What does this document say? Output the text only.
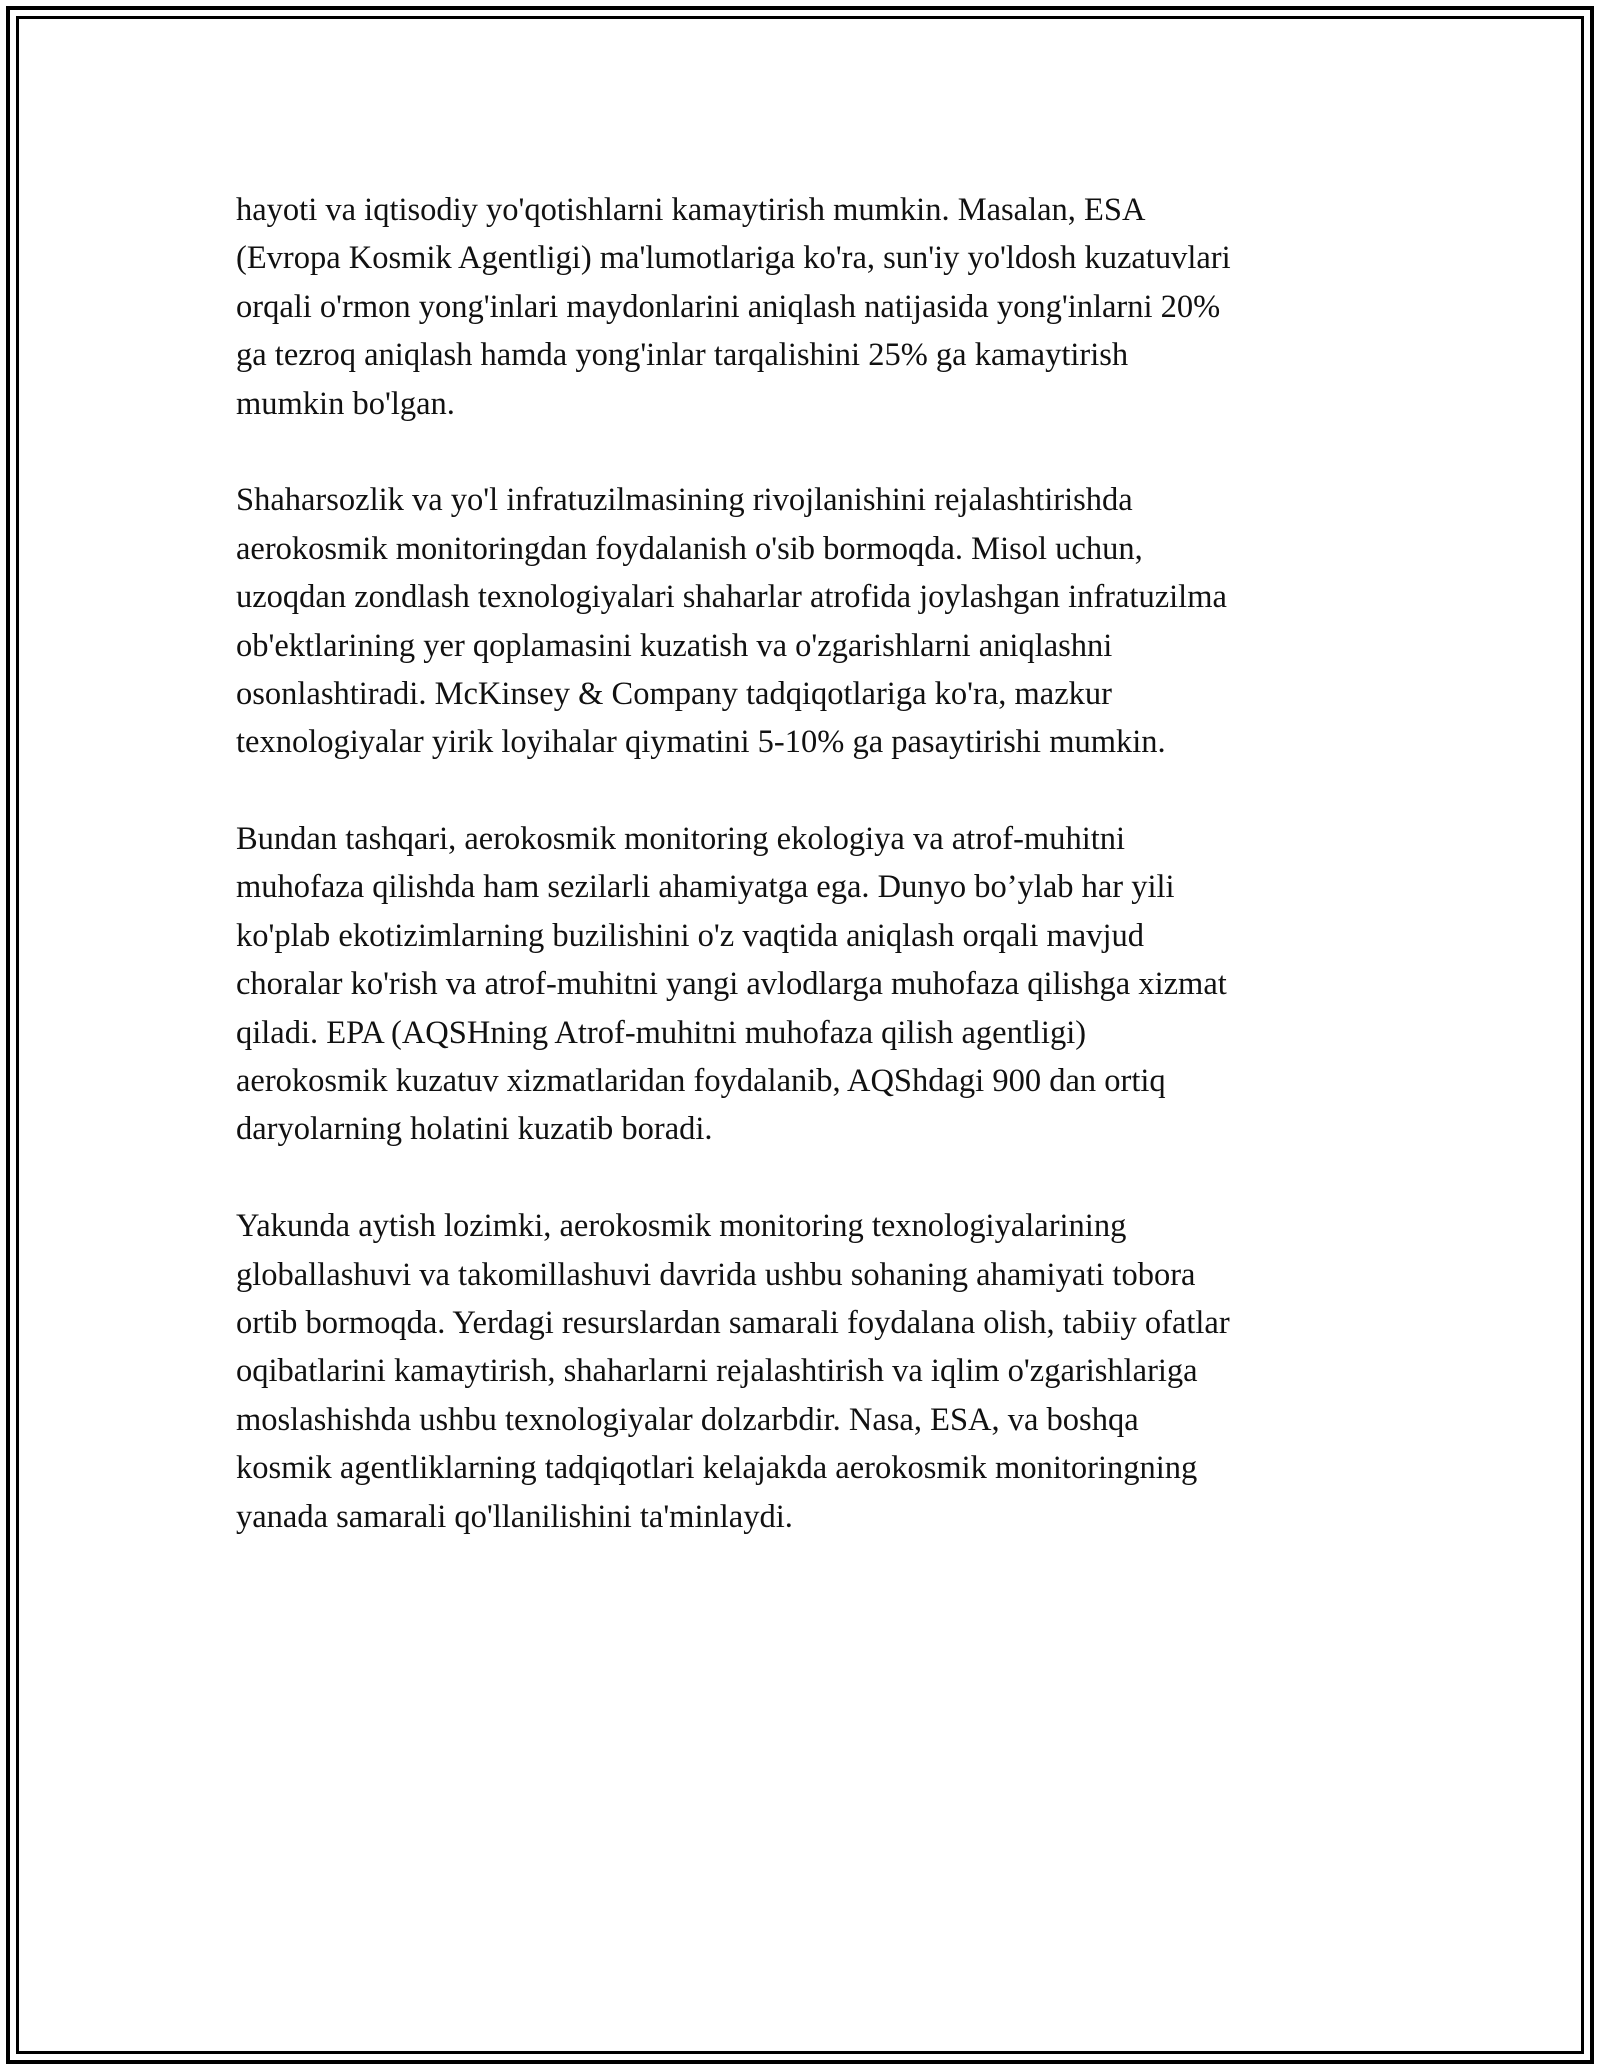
hayoti va iqtisodiy yo'qotishlarni kamaytirish mumkin. Masalan, ESA
(Evropa Kosmik Agentligi) ma'lumotlariga ko'ra, sun'iy yo'ldosh kuzatuvlari
orqali o'rmon yong'inlari maydonlarini aniqlash natijasida yong'inlarni 20%
ga tezroq aniqlash hamda yong'inlar tarqalishini 25% ga kamaytirish
mumkin bo'lgan.
Shaharsozlik va yo'l infratuzilmasining rivojlanishini rejalashtirishda
aerokosmik monitoringdan foydalanish o'sib bormoqda. Misol uchun,
uzoqdan zondlash texnologiyalari shaharlar atrofida joylashgan infratuzilma
ob'ektlarining yer qoplamasini kuzatish va o'zgarishlarni aniqlashni
osonlashtiradi. McKinsey & Company tadqiqotlariga ko'ra, mazkur
texnologiyalar yirik loyihalar qiymatini 5-10% ga pasaytirishi mumkin.
Bundan tashqari, aerokosmik monitoring ekologiya va atrof-muhitni
muhofaza qilishda ham sezilarli ahamiyatga ega. Dunyo bo’ylab har yili
ko'plab ekotizimlarning buzilishini o'z vaqtida aniqlash orqali mavjud
choralar ko'rish va atrof-muhitni yangi avlodlarga muhofaza qilishga xizmat
qiladi. EPA (AQSHning Atrof-muhitni muhofaza qilish agentligi)
aerokosmik kuzatuv xizmatlaridan foydalanib, AQShdagi 900 dan ortiq
daryolarning holatini kuzatib boradi.
Yakunda aytish lozimki, aerokosmik monitoring texnologiyalarining
globallashuvi va takomillashuvi davrida ushbu sohaning ahamiyati tobora
ortib bormoqda. Yerdagi resurslardan samarali foydalana olish, tabiiy ofatlar
oqibatlarini kamaytirish, shaharlarni rejalashtirish va iqlim o'zgarishlariga
moslashishda ushbu texnologiyalar dolzarbdir. Nasa, ESA, va boshqa
kosmik agentliklarning tadqiqotlari kelajakda aerokosmik monitoringning
yanada samarali qo'llanilishini ta'minlaydi.
